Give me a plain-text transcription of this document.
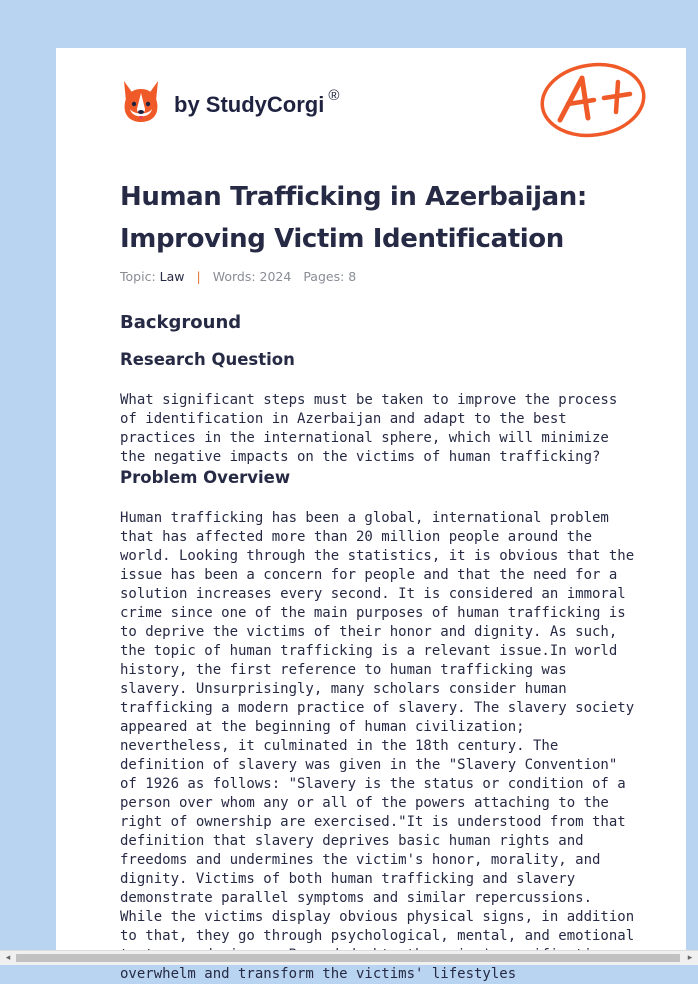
by StudyCorgi ®
Human Trafficking in Azerbaijan: Improving Victim Identification
Topic: Law | Words: 2024 Pages: 8
Background
Research Question

What significant steps must be taken to improve the process of identification in Azerbaijan and adapt to the best practices in the international sphere, which will minimize the negative impacts on the victims of human trafficking?

Problem Overview

Human trafficking has been a global, international problem that has affected more than 20 million people around the world. Looking through the statistics, it is obvious that the issue has been a concern for people and that the need for a solution increases every second. It is considered an immoral crime since one of the main purposes of human trafficking is to deprive the victims of their honor and dignity. As such, the topic of human trafficking is a relevant issue.In world history, the first reference to human trafficking was slavery. Unsurprisingly, many scholars consider human trafficking a modern practice of slavery. The slavery society appeared at the beginning of human civilization; nevertheless, it culminated in the 18th century. The definition of slavery was given in the "Slavery Convention" of 1926 as follows: "Slavery is the status or condition of a person over whom any or all of the powers attaching to the right of ownership are exercised."It is understood from that definition that slavery deprives basic human rights and freedoms and undermines the victim's honor, morality, and dignity. Victims of both human trafficking and slavery demonstrate parallel symptoms and similar repercussions. While the victims display obvious physical signs, in addition to that, they go through psychological, mental, and emotional overwhelm and transform the victims' lifestyles

◂	▸
